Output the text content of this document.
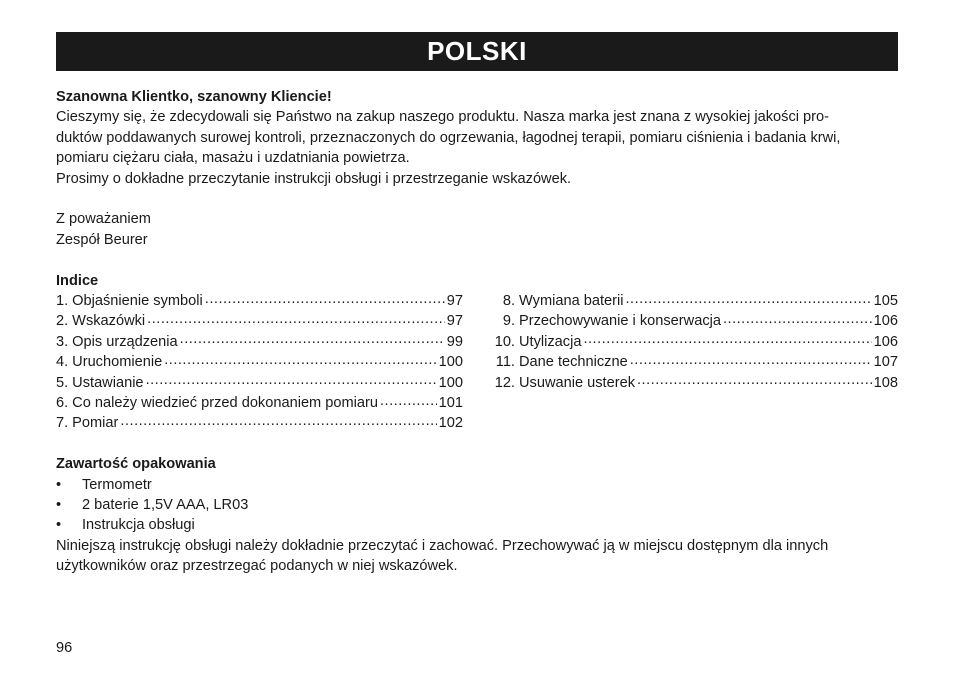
POLSKI

Szanowna Klientko, szanowny Kliencie!

Cieszymy się, że zdecydowali się Państwo na zakup naszego produktu. Nasza marka jest znana z wysokiej jakości pro-

duktów poddawanych surowej kontroli, przeznaczonych do ogrzewania, łagodnej terapii, pomiaru ciśnienia i badania krwi,

pomiaru ciężaru ciała, masażu i uzdatniania powietrza.

Prosimy o dokładne przeczytanie instrukcji obsługi i przestrzeganie wskazówek.

Z poważaniem

Zespół Beurer

Indice

1. Objaśnienie symboli .....	97
2. Wskazówki .....	97
3. Opis urządzenia .....	99
4. Uruchomienie .....	100
5. Ustawianie .....	100
6. Co należy wiedzieć przed dokonaniem pomiaru .....	101
7. Pomiar .....	102
8. Wymiana baterii .....	105
9. Przechowywanie i konserwacja .....	106
10. Utylizacja .....	106
11. Dane techniczne .....	107
12. Usuwanie usterek .....	108

Zawartość opakowania

•	Termometr
•	2 baterie 1,5V AAA, LR03
•	Instrukcja obsługi

Niniejszą instrukcję obsługi należy dokładnie przeczytać i zachować. Przechowywać ją w miejscu dostępnym dla innych

użytkowników oraz przestrzegać podanych w niej wskazówek.

96
